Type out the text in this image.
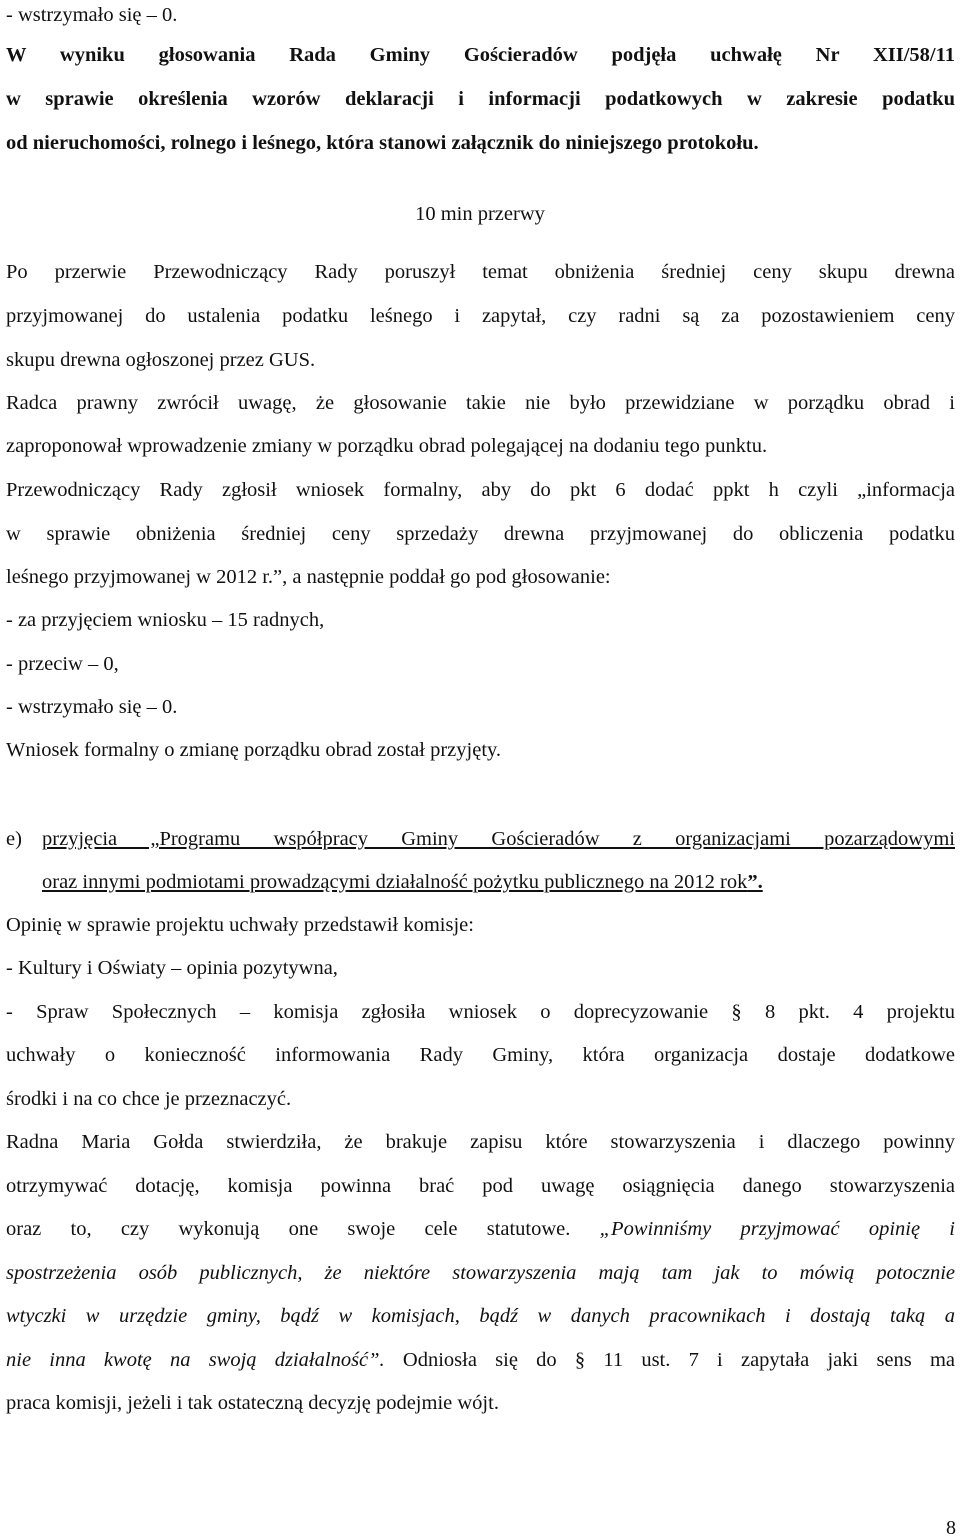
- wstrzymało się – 0.

W wyniku głosowania Rada Gminy Gościeradów podjęła uchwałę Nr XII/58/11

w sprawie określenia wzorów deklaracji i informacji podatkowych w zakresie podatku

od nieruchomości, rolnego i leśnego, która stanowi załącznik do niniejszego protokołu.

10 min przerwy

Po przerwie Przewodniczący Rady poruszył temat obniżenia średniej ceny skupu drewna

przyjmowanej do ustalenia podatku leśnego i zapytał, czy radni są za pozostawieniem ceny

skupu drewna ogłoszonej przez GUS.

Radca prawny zwrócił uwagę, że głosowanie takie nie było przewidziane w porządku obrad i

zaproponował wprowadzenie zmiany w porządku obrad polegającej na dodaniu tego punktu.

Przewodniczący Rady zgłosił wniosek formalny, aby do pkt 6 dodać ppkt h czyli „informacja

w sprawie obniżenia średniej ceny sprzedaży drewna przyjmowanej do obliczenia podatku

leśnego przyjmowanej w 2012 r.”, a następnie poddał go pod głosowanie:

- za przyjęciem wniosku – 15 radnych,

- przeciw – 0,

- wstrzymało się – 0.

Wniosek formalny o zmianę porządku obrad został przyjęty.

e) przyjęcia „Programu współpracy Gminy Gościeradów z organizacjami pozarządowymi

oraz innymi podmiotami prowadzącymi działalność pożytku publicznego na 2012 rok”.

Opinię w sprawie projektu uchwały przedstawił komisje:

- Kultury i Oświaty – opinia pozytywna,

- Spraw Społecznych – komisja zgłosiła wniosek o doprecyzowanie § 8 pkt. 4 projektu

uchwały o konieczność informowania Rady Gminy, która organizacja dostaje dodatkowe

środki i na co chce je przeznaczyć.

Radna Maria Gołda stwierdziła, że brakuje zapisu które stowarzyszenia i dlaczego powinny

otrzymywać dotację, komisja powinna brać pod uwagę osiągnięcia danego stowarzyszenia

oraz to, czy wykonują one swoje cele statutowe. „Powinniśmy przyjmować opinię i

spostrzeżenia osób publicznych, że niektóre stowarzyszenia mają tam jak to mówią potocznie

wtyczki w urzędzie gminy, bądź w komisjach, bądź w danych pracownikach i dostają taką a

nie inna kwotę na swoją działalność”. Odniosła się do § 11 ust. 7 i zapytała jaki sens ma

praca komisji, jeżeli i tak ostateczną decyzję podejmie wójt.

8
